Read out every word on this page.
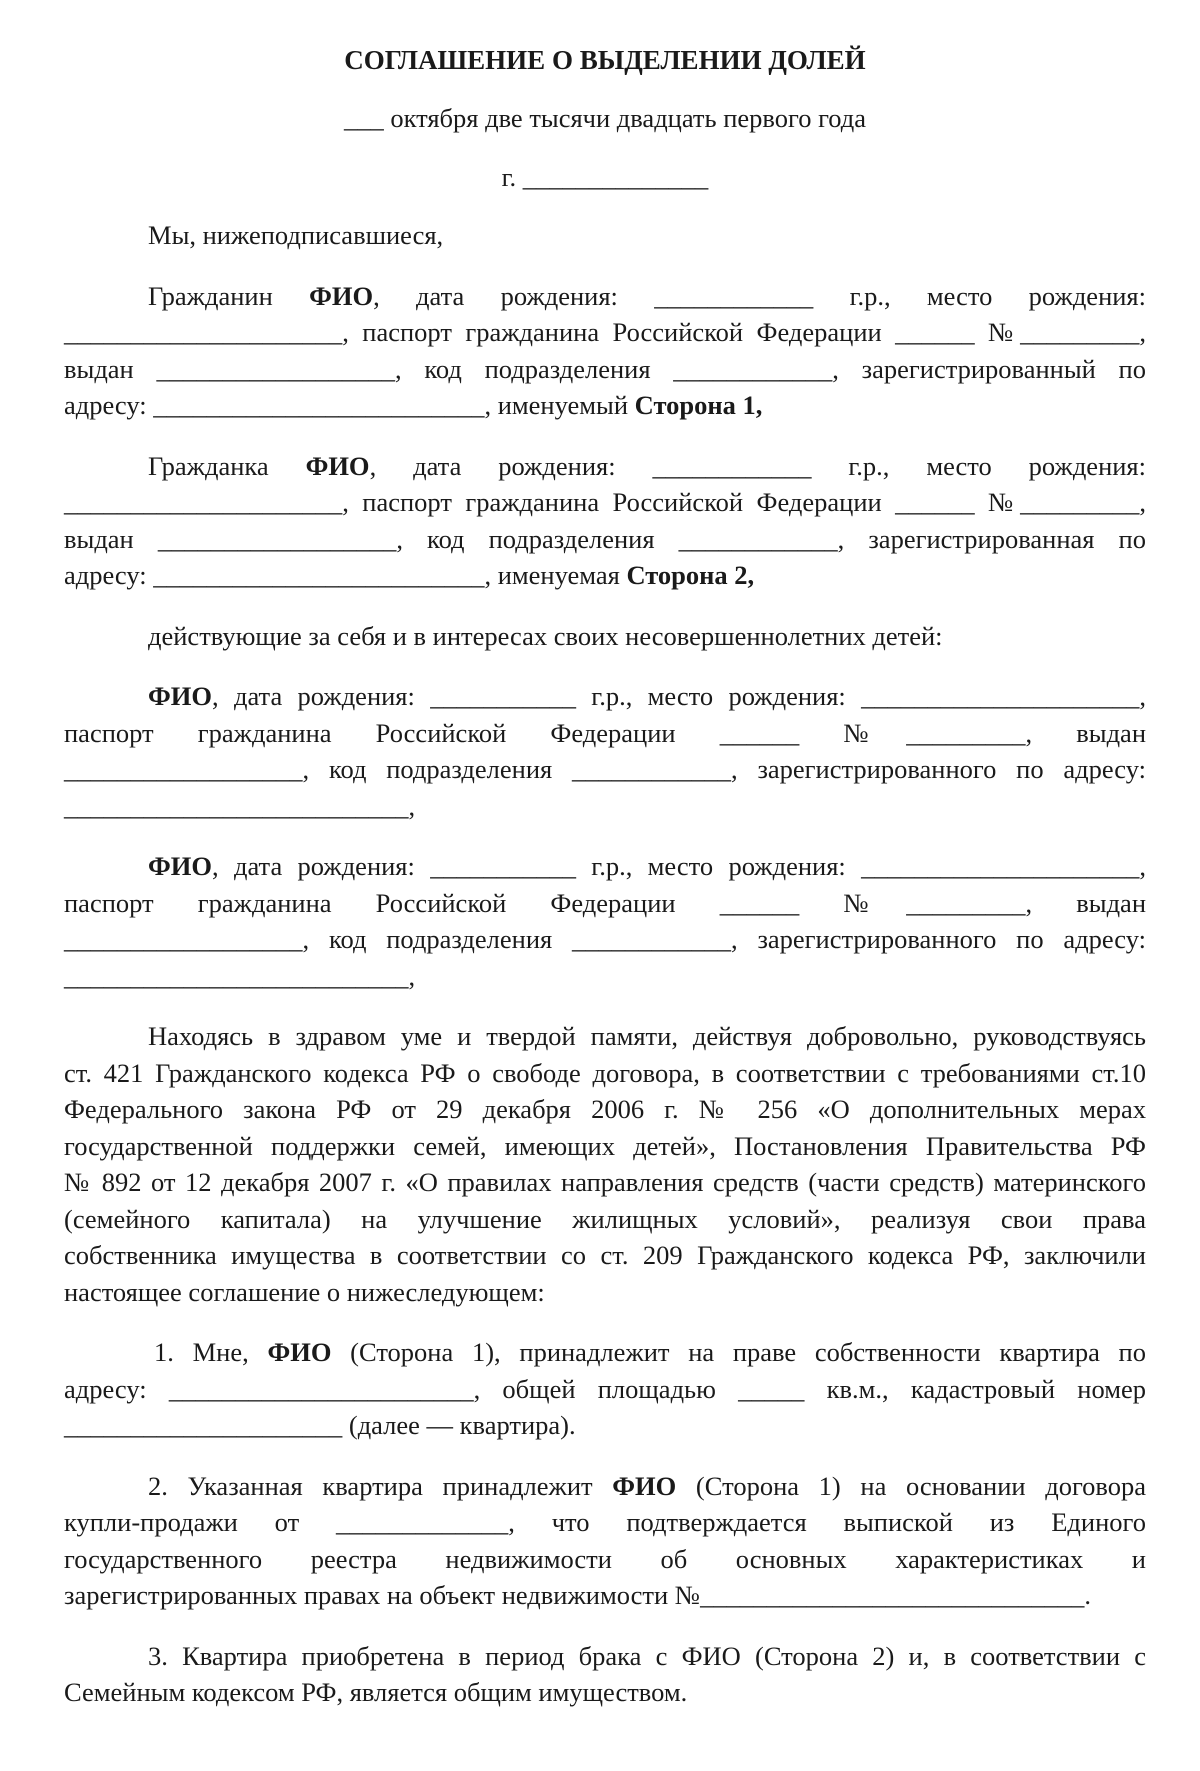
СОГЛАШЕНИЕ О ВЫДЕЛЕНИИ ДОЛЕЙ
___ октября две тысячи двадцать первого года
г. ______________
Мы, нижеподписавшиеся,
Гражданин ФИО, дата рождения: ____________ г.р., место рождения:
_____________________, паспорт гражданина Российской Федерации ______ №_________,
выдан __________________, код подразделения ____________, зарегистрированный по
адресу: _________________________, именуемый Сторона 1,
Гражданка ФИО, дата рождения: ____________ г.р., место рождения:
_____________________, паспорт гражданина Российской Федерации ______ №_________,
выдан __________________, код подразделения ____________, зарегистрированная по
адресу: _________________________, именуемая Сторона 2,
действующие за себя и в интересах своих несовершеннолетних детей:
ФИО, дата рождения: ___________ г.р., место рождения: _____________________,
паспорт гражданина Российской Федерации ______ №_________, выдан
__________________, код подразделения ____________, зарегистрированного по адресу:
__________________________,
ФИО, дата рождения: ___________ г.р., место рождения: _____________________,
паспорт гражданина Российской Федерации ______ №_________, выдан
__________________, код подразделения ____________, зарегистрированного по адресу:
__________________________,
Находясь в здравом уме и твердой памяти, действуя добровольно, руководствуясь
ст. 421 Гражданского кодекса РФ о свободе договора, в соответствии с требованиями ст.10
Федерального закона РФ от 29 декабря 2006 г. № 256 «О дополнительных мерах
государственной поддержки семей, имеющих детей», Постановления Правительства РФ
№ 892 от 12 декабря 2007 г. «О правилах направления средств (части средств) материнского
(семейного капитала) на улучшение жилищных условий», реализуя свои права
собственника имущества в соответствии со ст. 209 Гражданского кодекса РФ, заключили
настоящее соглашение о нижеследующем:
1. Мне, ФИО (Сторона 1), принадлежит на праве собственности квартира по
адресу: _______________________, общей площадью _____ кв.м., кадастровый номер
_____________________ (далее — квартира).
2. Указанная квартира принадлежит ФИО (Сторона 1) на основании договора
купли-продажи от _____________, что подтверждается выпиской из Единого
государственного реестра недвижимости об основных характеристиках и
зарегистрированных правах на объект недвижимости №_____________________________.
3. Квартира приобретена в период брака с ФИО (Сторона 2) и, в соответствии с
Семейным кодексом РФ, является общим имуществом.
